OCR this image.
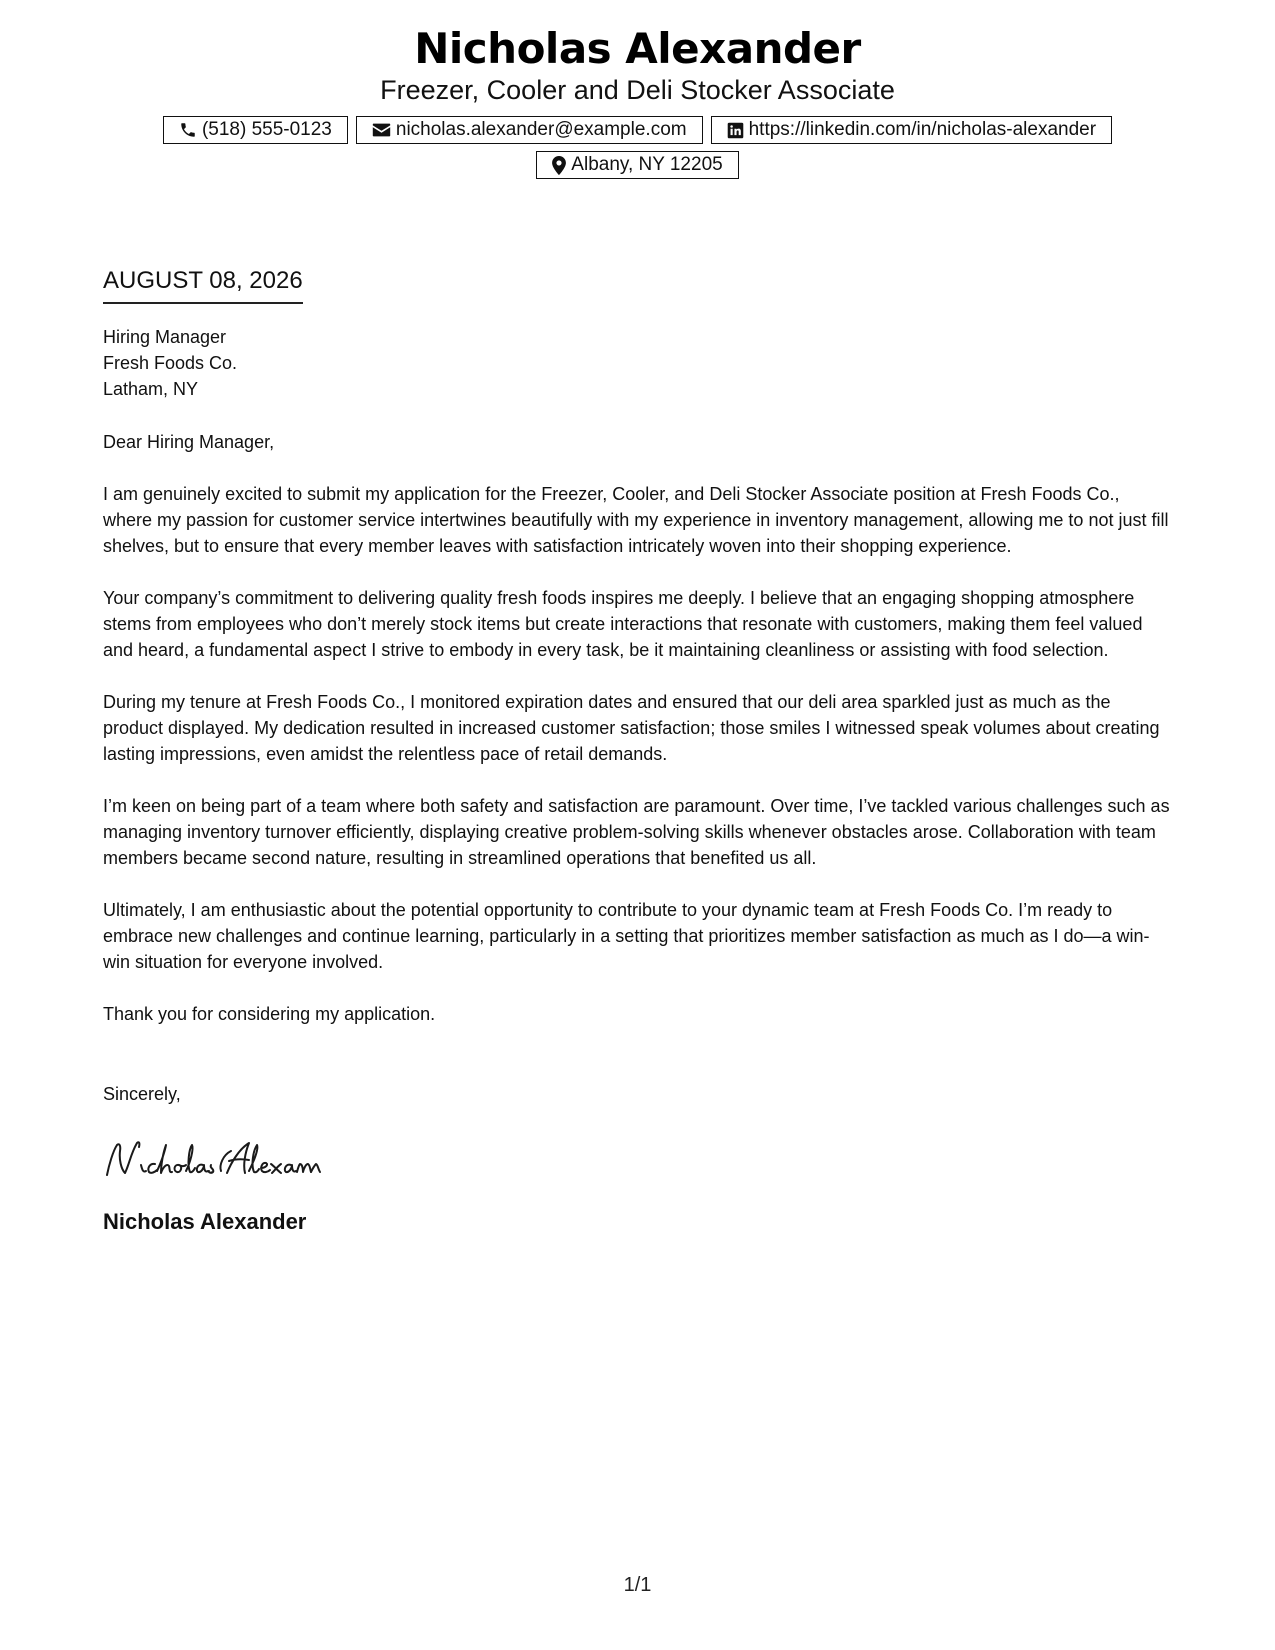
Nicholas Alexander
Freezer, Cooler and Deli Stocker Associate
(518) 555-0123	nicholas.alexander@example.com	https://linkedin.com/in/nicholas-alexander
Albany, NY 12205
AUGUST 08, 2026
Hiring Manager
Fresh Foods Co.
Latham, NY
Dear Hiring Manager,
I am genuinely excited to submit my application for the Freezer, Cooler, and Deli Stocker Associate position at Fresh Foods Co., where my passion for customer service intertwines beautifully with my experience in inventory management, allowing me to not just fill shelves, but to ensure that every member leaves with satisfaction intricately woven into their shopping experience.
Your company’s commitment to delivering quality fresh foods inspires me deeply. I believe that an engaging shopping atmosphere stems from employees who don’t merely stock items but create interactions that resonate with customers, making them feel valued and heard, a fundamental aspect I strive to embody in every task, be it maintaining cleanliness or assisting with food selection.
During my tenure at Fresh Foods Co., I monitored expiration dates and ensured that our deli area sparkled just as much as the product displayed. My dedication resulted in increased customer satisfaction; those smiles I witnessed speak volumes about creating lasting impressions, even amidst the relentless pace of retail demands.
I’m keen on being part of a team where both safety and satisfaction are paramount. Over time, I’ve tackled various challenges such as managing inventory turnover efficiently, displaying creative problem-solving skills whenever obstacles arose. Collaboration with team members became second nature, resulting in streamlined operations that benefited us all.
Ultimately, I am enthusiastic about the potential opportunity to contribute to your dynamic team at Fresh Foods Co. I’m ready to embrace new challenges and continue learning, particularly in a setting that prioritizes member satisfaction as much as I do—a win-win situation for everyone involved.
Thank you for considering my application.
Sincerely,
Nicholas Alexander
1/1
